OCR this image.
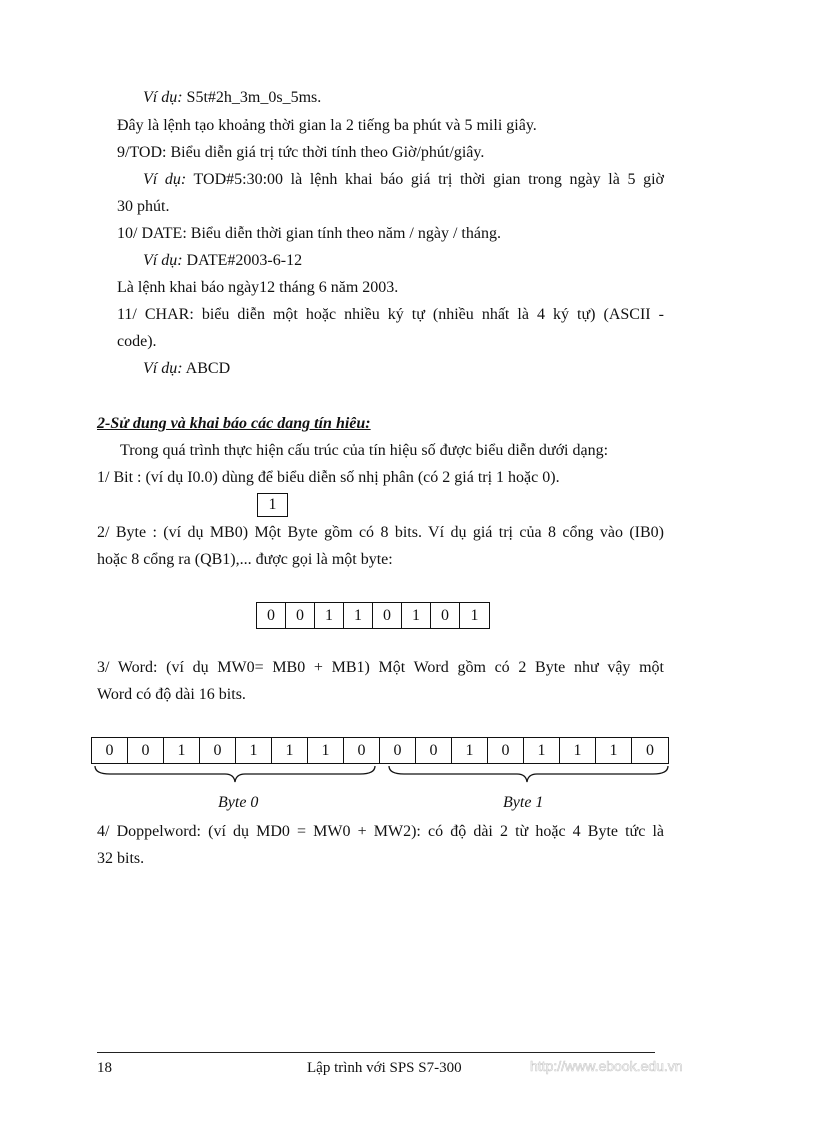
Ví dụ: S5t#2h_3m_0s_5ms.
Đây là lệnh tạo khoảng thời gian la 2 tiếng ba phút và 5 mili giây.
9/TOD: Biểu diễn giá trị tức thời tính theo Giờ/phút/giây.
Ví dụ: TOD#5:30:00 là lệnh khai báo giá trị thời gian trong ngày là 5 giờ
30 phút.
10/ DATE: Biểu diễn thời gian tính theo năm / ngày / tháng.
Ví dụ: DATE#2003-6-12
Là lệnh khai báo ngày12 tháng 6 năm 2003.
11/ CHAR: biểu diễn một hoặc nhiều ký tự (nhiều nhất là 4 ký tự) (ASCII -
code).
Ví dụ: ABCD
2-Sử dung và khai báo các dang tín hiêu:
Trong quá trình thực hiện cấu trúc của tín hiệu số được biểu diễn dưới dạng:
1/ Bit : (ví dụ I0.0) dùng để biểu diễn số nhị phân (có 2 giá trị 1 hoặc 0).
1
2/ Byte : (ví dụ MB0) Một Byte gồm có 8 bits. Ví dụ giá trị của 8 cổng vào (IB0)
hoặc 8 cổng ra (QB1),... được gọi là một byte:
0	0	1	1	0	1	0	1
3/ Word: (ví dụ MW0= MB0 + MB1) Một Word gồm có 2 Byte như vậy một
Word có độ dài 16 bits.
0	0	1	0	1	1	1	0	0	0	1	0	1	1	1	0
Byte 0	Byte 1
4/ Doppelword: (ví dụ MD0 = MW0 + MW2): có độ dài 2 từ hoặc 4 Byte tức là
32 bits.
18	Lập trình với SPS S7-300	http://www.ebook.edu.vn
